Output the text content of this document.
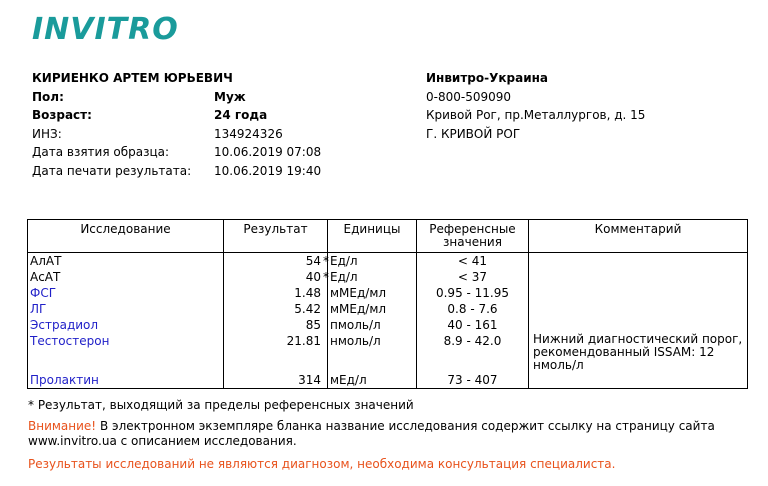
INVITRO
КИРИЕНКО АРТЕМ ЮРЬЕВИЧ
Пол:	Муж
Возраст:	24 года
ИНЗ:	134924326
Дата взятия образца:	10.06.2019 07:08
Дата печати результата: 10.06.2019 19:40
Инвитро-Украина
0-800-509090
Кривой Рог, пр.Металлургов, д. 15
Г. КРИВОЙ РОГ
Исследование	Результат	Единицы	Референсные значения	Комментарий
АлАТ	54 *	Ед/л	< 41	
АсАТ	40 *	Ед/л	< 37	
ФСГ	1.48	мМЕд/мл	0.95 - 11.95	
ЛГ	5.42	мМЕд/мл	0.8 - 7.6	
Эстрадиол	85	пмоль/л	40 - 161	
Тестостерон	21.81	нмоль/л	8.9 - 42.0	Нижний диагностический порог, рекомендованный ISSAM: 12 нмоль/л
Пролактин	314	мЕд/л	73 - 407	
* Результат, выходящий за пределы референсных значений
Внимание! В электронном экземпляре бланка название исследования содержит ссылку на страницу сайта
www.invitro.ua с описанием исследования.
Результаты исследований не являются диагнозом, необходима консультация специалиста.
